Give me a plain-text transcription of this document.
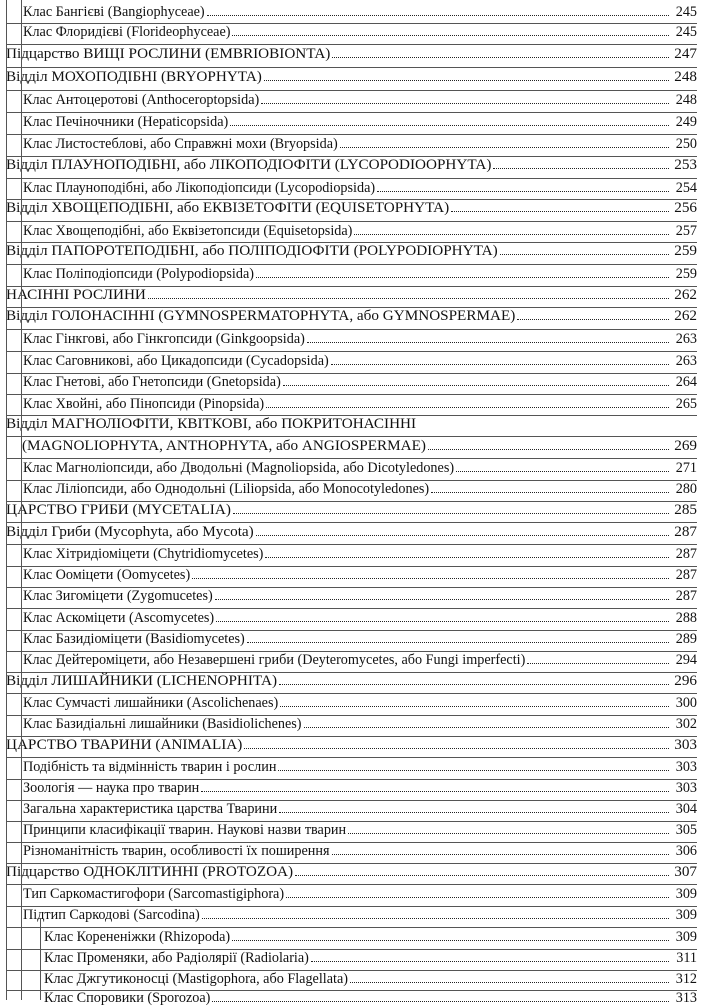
Клас Бангієві (Bangiophyceae)	245
Клас Флоридієві (Florideophyceae)	245
Підцарство ВИЩІ РОСЛИНИ (EMBRIOBIONTA)	247
Відділ МОХОПОДІБНІ (BRYOPHYTA)	248
Клас Антоцеротові (Anthoceroptopsida)	248
Клас Печіночники (Hepaticopsida)	249
Клас Листостеблові, або Справжні мохи (Bryopsida)	250
Відділ ПЛАУНОПОДІБНІ, або ЛІКОПОДІОФІТИ (LYCOPODIOOPHYTA)	253
Клас Плауноподібні, або Лікоподіопсиди (Lycopodiopsida)	254
Відділ ХВОЩЕПОДІБНІ, або ЕКВІЗЕТОФІТИ (EQUISETOPHYTA)	256
Клас Хвощеподібні, або Еквізетопсиди (Equisetopsida)	257
Відділ ПАПОРОТЕПОДІБНІ, або ПОЛІПОДІОФІТИ (POLYPODIOPHYTA)	259
Клас Поліподіопсиди (Polypodiopsida)	259
НАСІННІ РОСЛИНИ	262
Відділ ГОЛОНАСІННІ (GYMNOSPERMATOPHYTA, або GYMNOSPERMAE)	262
Клас Гінкгові, або Гінкгопсиди (Ginkgoopsida)	263
Клас Саговникові, або Цикадопсиди (Cycadopsida)	263
Клас Гнетові, або Гнетопсиди (Gnetopsida)	264
Клас Хвойні, або Пінопсиди (Pinopsida)	265
Відділ МАГНОЛІОФІТИ, КВІТКОВІ, або ПОКРИТОНАСІННІ
(MAGNOLIOPHYTA, ANTHOPHYTA, або ANGIOSPERMAE)	269
Клас Магноліопсиди, або Дводольні (Magnoliopsida, або Dicotyledones)	271
Клас Ліліопсиди, або Однодольні (Liliopsida, або Monocotyledones)	280
ЦАРСТВО ГРИБИ (MYCETALIA)	285
Відділ Гриби (Mycophyta, або Mycota)	287
Клас Хітридіоміцети (Chytridiomycetes)	287
Клас Ооміцети (Oomycetes)	287
Клас Зигоміцети (Zygomucetes)	287
Клас Аскоміцети (Ascomycetes)	288
Клас Базидіоміцети (Basidiomycetes)	289
Клас Дейтероміцети, або Незавершені гриби (Deyteromycetes, або Fungi imperfecti)	294
Відділ ЛИШАЙНИКИ (LICHENOPHITA)	296
Клас Сумчасті лишайники (Ascolichenaes)	300
Клас Базидіальні лишайники (Basidiolichenes)	302
ЦАРСТВО ТВАРИНИ (ANIMALIA)	303
Подібність та відмінність тварин і рослин	303
Зоологія — наука про тварин	303
Загальна характеристика царства Тварини	304
Принципи класифікації тварин. Наукові назви тварин	305
Різноманітність тварин, особливості їх поширення	306
Підцарство ОДНОКЛІТИННІ (PROTOZOA)	307
Тип Саркомастигофори (Sarcomastigiphora)	309
Підтип Саркодові (Sarcodina)	309
Клас Корененіжки (Rhizopoda)	309
Клас Променяки, або Радіолярії (Radiolaria)	311
Клас Джгутиконосці (Mastigophora, або Flagellata)	312
Клас Споровики (Sporozoa)	313
